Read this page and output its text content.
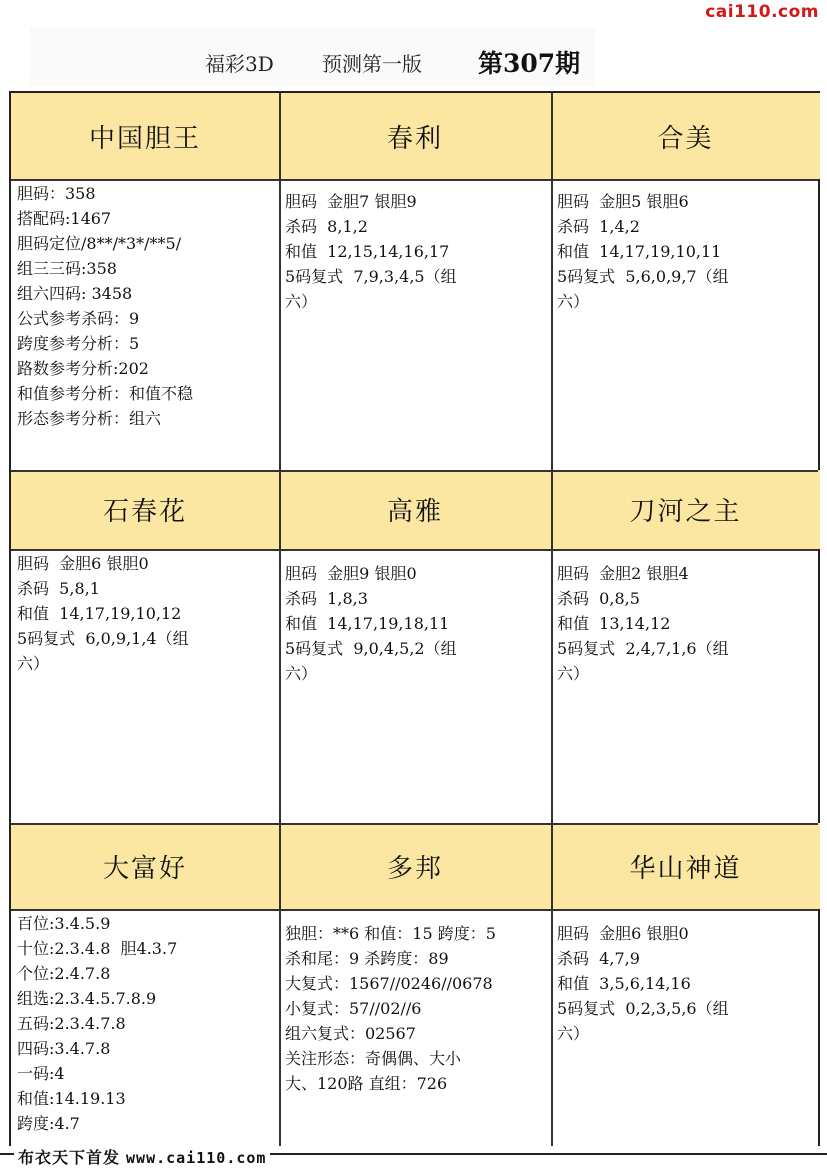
cai110.com
福彩3D 预测第一版 第307期
中国胆王
胆码：358
搭配码:1467
胆码定位/8**/*3*/**5/
组三三码:358
组六四码: 3458
公式参考杀码：9
跨度参考分析：5
路数参考分析:202
和值参考分析：和值不稳
形态参考分析：组六
春利
胆码  金胆7 银胆9
杀码  8,1,2
和值  12,15,14,16,17
5码复式  7,9,3,4,5（组
六）
合美
胆码  金胆5 银胆6
杀码  1,4,2
和值  14,17,19,10,11
5码复式  5,6,0,9,7（组
六）
石春花
胆码  金胆6 银胆0
杀码  5,8,1
和值  14,17,19,10,12
5码复式  6,0,9,1,4（组
六）
高雅
胆码  金胆9 银胆0
杀码  1,8,3
和值  14,17,19,18,11
5码复式  9,0,4,5,2（组
六）
刀河之主
胆码  金胆2 银胆4
杀码  0,8,5
和值  13,14,12
5码复式  2,4,7,1,6（组
六）
大富好
百位:3.4.5.9
十位:2.3.4.8  胆4.3.7
个位:2.4.7.8
组选:2.3.4.5.7.8.9
五码:2.3.4.7.8
四码:3.4.7.8
一码:4
和值:14.19.13
跨度:4.7
多邦
独胆：**6 和值：15 跨度：5
杀和尾：9 杀跨度：89
大复式：1567//0246//0678
小复式：57//02//6
组六复式：02567
关注形态：奇偶偶、大小
大、120路 直组：726
华山神道
胆码  金胆6 银胆0
杀码  4,7,9
和值  3,5,6,14,16
5码复式  0,2,3,5,6（组
六）
布衣天下首发 www.cai110.com
